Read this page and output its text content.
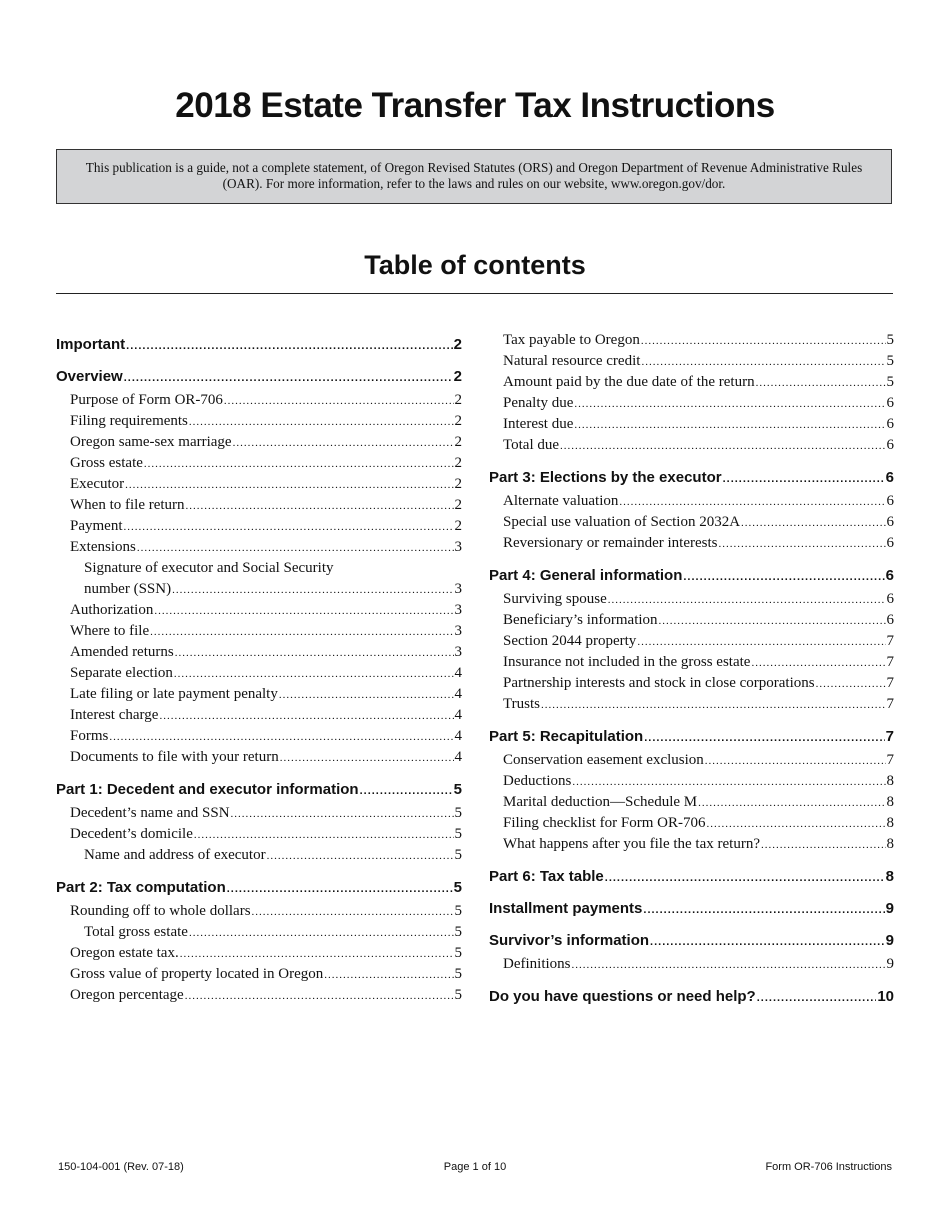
2018 Estate Transfer Tax Instructions
This publication is a guide, not a complete statement, of Oregon Revised Statutes (ORS) and Oregon Department of Revenue Administrative Rules (OAR). For more information, refer to the laws and rules on our website, www.oregon.gov/dor.
Table of contents
Important .....	2
Overview .....	2
Purpose of Form OR-706 .....	2
Filing requirements .....	2
Oregon same-sex marriage .....	2
Gross estate .....	2
Executor .....	2
When to file return .....	2
Payment .....	2
Extensions .....	3
Signature of executor and Social Security
number (SSN) .....	3
Authorization .....	3
Where to file .....	3
Amended returns .....	3
Separate election .....	4
Late filing or late payment penalty .....	4
Interest charge .....	4
Forms .....	4
Documents to file with your return .....	4
Part 1: Decedent and executor information .....	5
Decedent’s name and SSN .....	5
Decedent’s domicile .....	5
Name and address of executor .....	5
Part 2: Tax computation .....	5
Rounding off to whole dollars .....	5
Total gross estate .....	5
Oregon estate tax. .....	5
Gross value of property located in Oregon .....	5
Oregon percentage .....	5
Tax payable to Oregon .....	5
Natural resource credit .....	5
Amount paid by the due date of the return .....	5
Penalty due .....	6
Interest due .....	6
Total due .....	6
Part 3: Elections by the executor .....	6
Alternate valuation .....	6
Special use valuation of Section 2032A .....	6
Reversionary or remainder interests .....	6
Part 4: General information .....	6
Surviving spouse .....	6
Beneficiary’s information .....	6
Section 2044 property .....	7
Insurance not included in the gross estate .....	7
Partnership interests and stock in close corporations .....	7
Trusts .....	7
Part 5: Recapitulation .....	7
Conservation easement exclusion .....	7
Deductions .....	8
Marital deduction—Schedule M .....	8
Filing checklist for Form OR-706 .....	8
What happens after you file the tax return? .....	8
Part 6: Tax table .....	8
Installment payments .....	9
Survivor’s information .....	9
Definitions .....	9
Do you have questions or need help? .....	10
150-104-001 (Rev. 07-18)	Page 1 of 10	Form OR-706 Instructions
